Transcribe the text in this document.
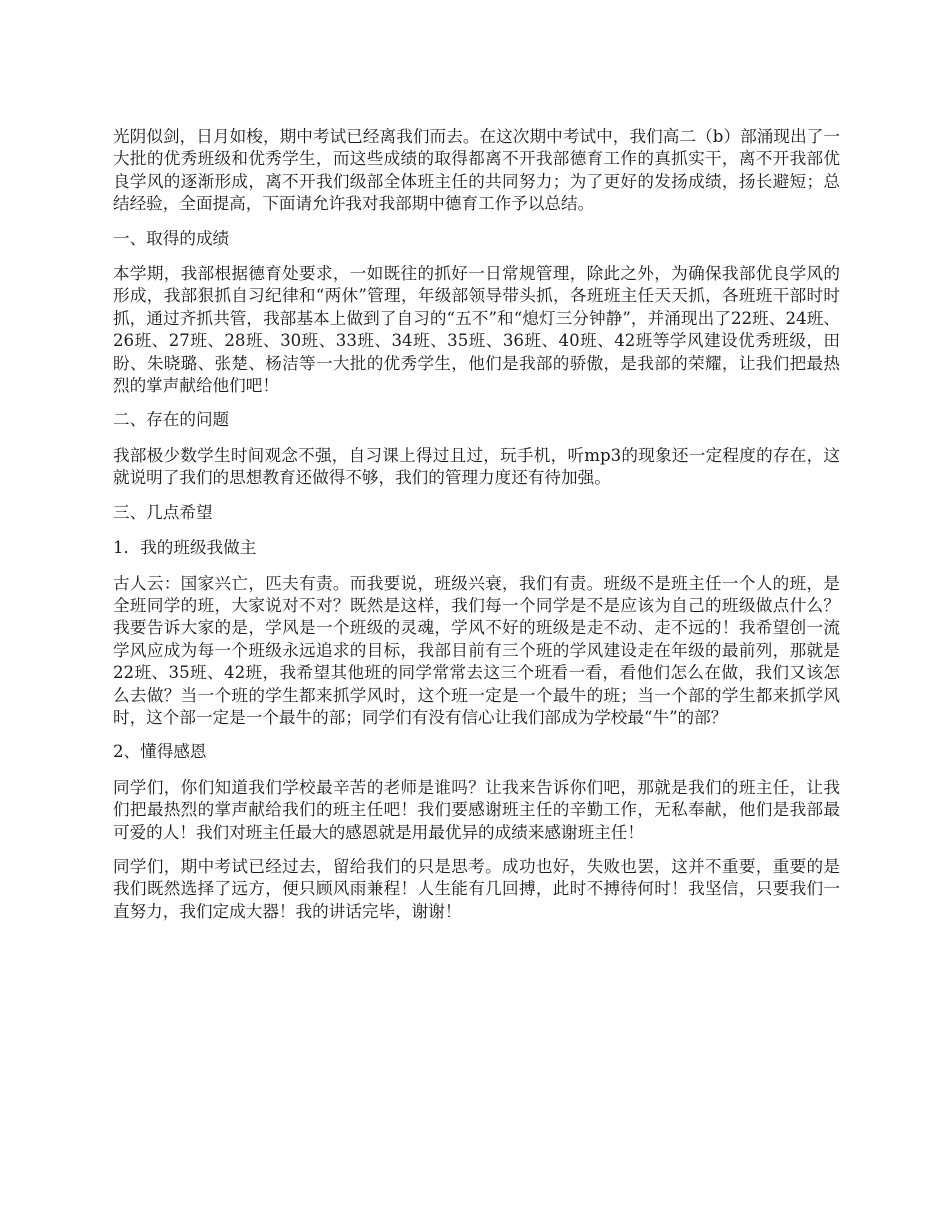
光阴似剑，日月如梭，期中考试已经离我们而去。在这次期中考试中，我们高二（b）部涌现出了一大批的优秀班级和优秀学生，而这些成绩的取得都离不开我部德育工作的真抓实干，离不开我部优良学风的逐渐形成，离不开我们级部全体班主任的共同努力；为了更好的发扬成绩，扬长避短；总结经验，全面提高，下面请允许我对我部期中德育工作予以总结。

一、取得的成绩

本学期，我部根据德育处要求，一如既往的抓好一日常规管理，除此之外，为确保我部优良学风的形成，我部狠抓自习纪律和“两休”管理，年级部领导带头抓，各班班主任天天抓，各班班干部时时抓，通过齐抓共管，我部基本上做到了自习的“五不”和“熄灯三分钟静”，并涌现出了22班、24班、26班、27班、28班、30班、33班、34班、35班、36班、40班、42班等学风建设优秀班级，田盼、朱晓璐、张楚、杨洁等一大批的优秀学生，他们是我部的骄傲，是我部的荣耀，让我们把最热烈的掌声献给他们吧！

二、存在的问题

我部极少数学生时间观念不强，自习课上得过且过，玩手机，听mp3的现象还一定程度的存在，这就说明了我们的思想教育还做得不够，我们的管理力度还有待加强。

三、几点希望

1．我的班级我做主

古人云：国家兴亡，匹夫有责。而我要说，班级兴衰，我们有责。班级不是班主任一个人的班，是全班同学的班，大家说对不对？既然是这样，我们每一个同学是不是应该为自己的班级做点什么？我要告诉大家的是，学风是一个班级的灵魂，学风不好的班级是走不动、走不远的！我希望创一流学风应成为每一个班级永远追求的目标，我部目前有三个班的学风建设走在年级的最前列，那就是22班、35班、42班，我希望其他班的同学常常去这三个班看一看，看他们怎么在做，我们又该怎么去做？当一个班的学生都来抓学风时，这个班一定是一个最牛的班；当一个部的学生都来抓学风时，这个部一定是一个最牛的部；同学们有没有信心让我们部成为学校最“牛”的部？

2、懂得感恩

同学们，你们知道我们学校最辛苦的老师是谁吗？让我来告诉你们吧，那就是我们的班主任，让我们把最热烈的掌声献给我们的班主任吧！我们要感谢班主任的辛勤工作，无私奉献，他们是我部最可爱的人！我们对班主任最大的感恩就是用最优异的成绩来感谢班主任！

同学们，期中考试已经过去，留给我们的只是思考。成功也好，失败也罢，这并不重要，重要的是我们既然选择了远方，便只顾风雨兼程！人生能有几回搏，此时不搏待何时！我坚信，只要我们一直努力，我们定成大器！我的讲话完毕，谢谢！
